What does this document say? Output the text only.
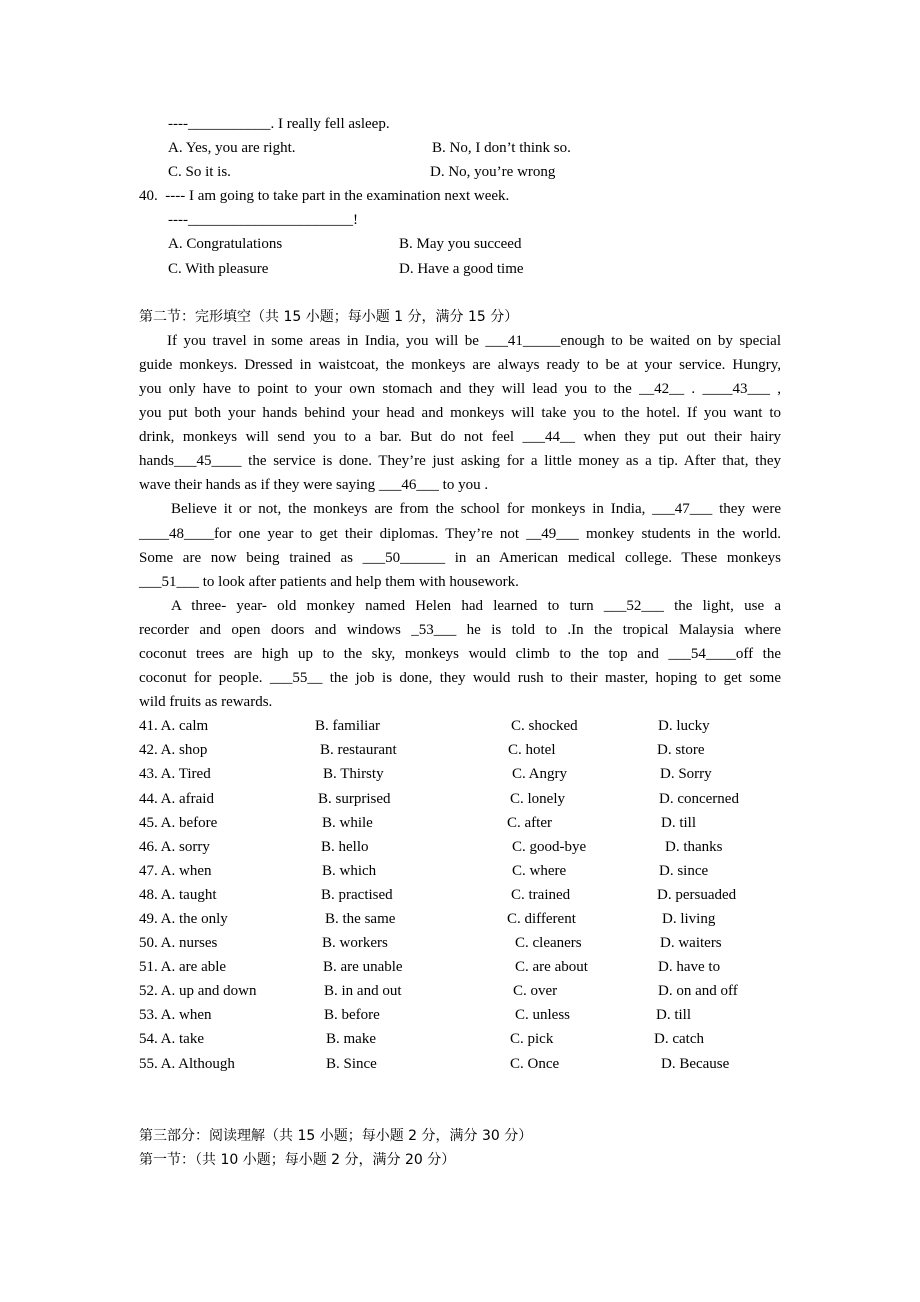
----___________. I really fell asleep.
A. Yes, you are right.	B. No, I don’t think so.
C. So it is.	D. No, you’re wrong
40.  ---- I am going to take part in the examination next week.
----______________________!
A. Congratulations	B. May you succeed
C. With pleasure	D. Have a good time
第二节：完形填空（共 15 小题；每小题 1 分，满分 15 分）
If you travel in some areas in India, you will be ___41_____enough to be waited on by special
guide monkeys. Dressed in waistcoat, the monkeys are always ready to be at your service. Hungry,
you only have to point to your own stomach and they will lead you to the __42__ . ____43___ ,
you put both your hands behind your head and monkeys will take you to the hotel. If you want to
drink, monkeys will send you to a bar. But do not feel ___44__ when they put out their hairy
hands___45____ the service is done. They’re just asking for a little money as a tip. After that, they
wave their hands as if they were saying ___46___ to you .
Believe it or not, the monkeys are from the school for monkeys in India, ___47___ they were
____48____for one year to get their diplomas. They’re not __49___ monkey students in the world.
Some are now being trained as ___50______ in an American medical college. These monkeys
___51___ to look after patients and help them with housework.
A three- year- old monkey named Helen had learned to turn ___52___ the light, use a
recorder and open doors and windows _53___ he is told to .In the tropical Malaysia where
coconut trees are high up to the sky, monkeys would climb to the top and ___54____off the
coconut for people. ___55__ the job is done, they would rush to their master, hoping to get some
wild fruits as rewards.
41. A. calm	B. familiar	C. shocked	D. lucky
42. A. shop	B. restaurant	C. hotel	D. store
43. A. Tired	B. Thirsty	C. Angry	D. Sorry
44. A. afraid	B. surprised	C. lonely	D. concerned
45. A. before	B. while	C. after	D. till
46. A. sorry	B. hello	C. good-bye	D. thanks
47. A. when	B. which	C. where	D. since
48. A. taught	B. practised	C. trained	D. persuaded
49. A. the only	B. the same	C. different	D. living
50. A. nurses	B. workers	C. cleaners	D. waiters
51. A. are able	B. are unable	C. are about	D. have to
52. A. up and down	B. in and out	C. over	D. on and off
53. A. when	B. before	C. unless	D. till
54. A. take	B. make	C. pick	D. catch
55. A. Although	B. Since	C. Once	D. Because
第三部分：阅读理解（共 15 小题；每小题 2 分，满分 30 分）
第一节：（共 10 小题；每小题 2 分，满分 20 分）
